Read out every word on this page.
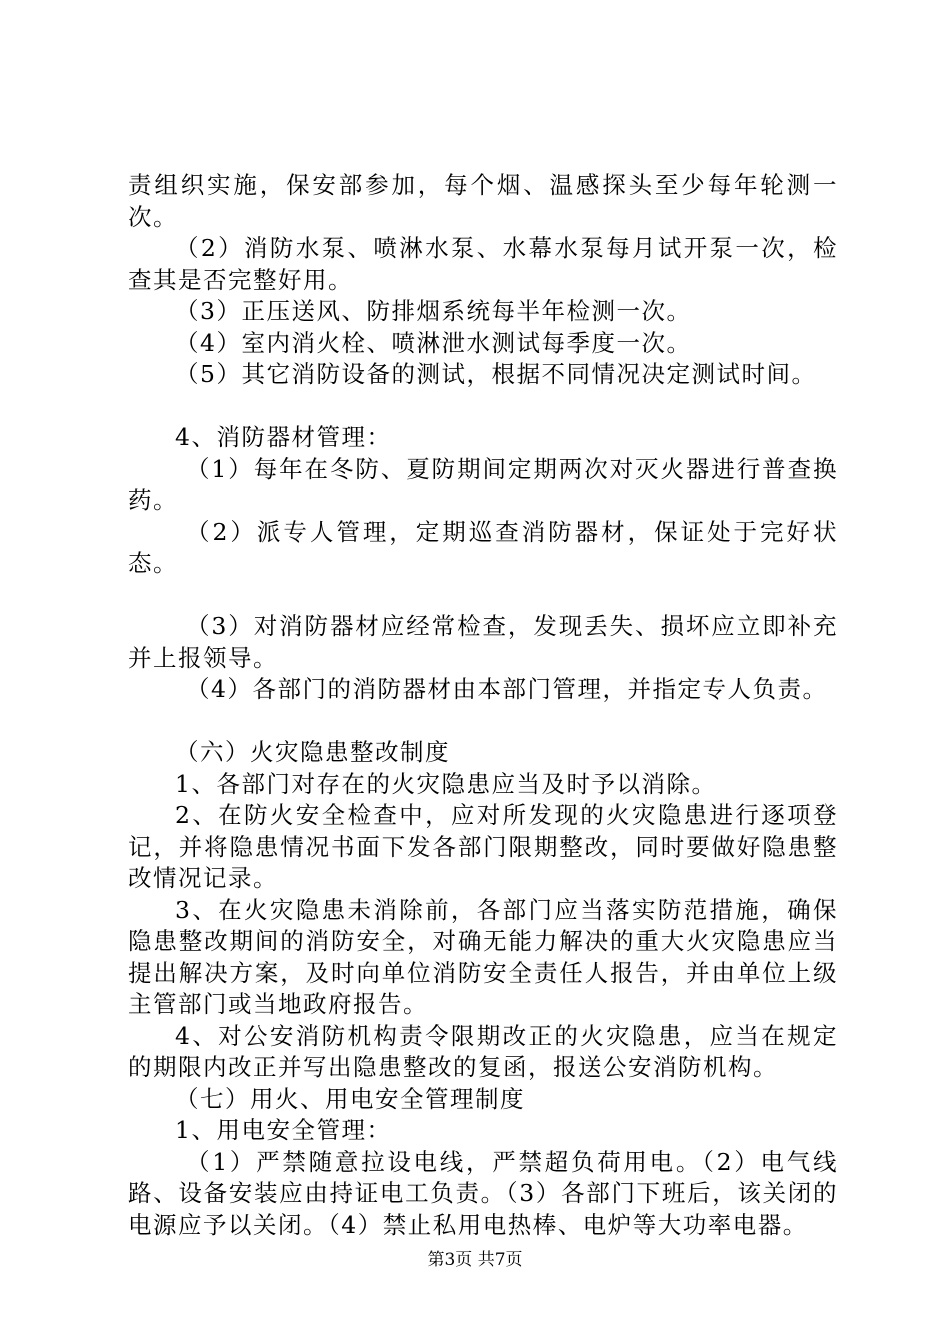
责组织实施，保安部参加，每个烟、温感探头至少每年轮测一次。

（2）消防水泵、喷淋水泵、水幕水泵每月试开泵一次，检查其是否完整好用。

（3）正压送风、防排烟系统每半年检测一次。

（4）室内消火栓、喷淋泄水测试每季度一次。

（5）其它消防设备的测试，根据不同情况决定测试时间。

4、消防器材管理：

（1）每年在冬防、夏防期间定期两次对灭火器进行普查换药。

（2）派专人管理，定期巡查消防器材，保证处于完好状态。

（3）对消防器材应经常检查，发现丢失、损坏应立即补充并上报领导。

（4）各部门的消防器材由本部门管理，并指定专人负责。

（六）火灾隐患整改制度

1、各部门对存在的火灾隐患应当及时予以消除。

2、在防火安全检查中，应对所发现的火灾隐患进行逐项登记，并将隐患情况书面下发各部门限期整改，同时要做好隐患整改情况记录。

3、在火灾隐患未消除前，各部门应当落实防范措施，确保隐患整改期间的消防安全，对确无能力解决的重大火灾隐患应当提出解决方案，及时向单位消防安全责任人报告，并由单位上级主管部门或当地政府报告。

4、对公安消防机构责令限期改正的火灾隐患，应当在规定的期限内改正并写出隐患整改的复函，报送公安消防机构。

（七）用火、用电安全管理制度

1、用电安全管理：

（1）严禁随意拉设电线，严禁超负荷用电。（2）电气线路、设备安装应由持证电工负责。（3）各部门下班后，该关闭的电源应予以关闭。（4）禁止私用电热棒、电炉等大功率电器。

第3页 共7页
